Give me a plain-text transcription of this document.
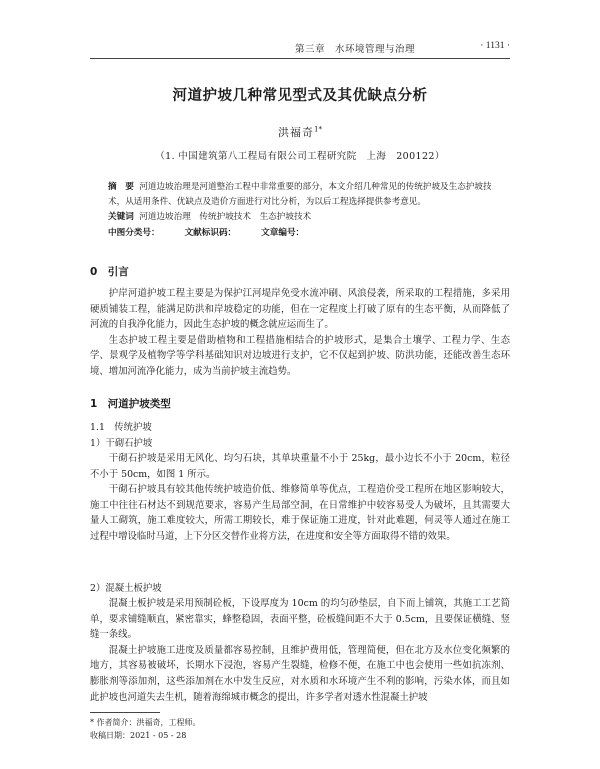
第三章　水环境管理与治理	· 1131 ·
河道护坡几种常见型式及其优缺点分析
洪福奇$^{1*}$
（1. 中国建筑第八工程局有限公司工程研究院　上海　200122）
摘　要 河道边坡治理是河道整治工程中非常重要的部分，本文介绍几种常见的传统护坡及生态护坡技术，从适用条件、优缺点及造价方面进行对比分析，为以后工程选择提供参考意见。
关键词 河道边坡治理　传统护坡技术　生态护坡技术
中图分类号：	文献标识码：	文章编号：
0　引言

护岸河道护坡工程主要是为保护江河堤岸免受水流冲刷、风浪侵袭，所采取的工程措施，多采用硬质铺装工程，能满足防洪和岸坡稳定的功能，但在一定程度上打破了原有的生态平衡，从而降低了河流的自我净化能力，因此生态护坡的概念就应运而生了。

生态护坡工程主要是借助植物和工程措施相结合的护坡形式，是集合土壤学、工程力学、生态学、景观学及植物学等学科基础知识对边坡进行支护，它不仅起到护坡、防洪功能，还能改善生态环境、增加河流净化能力，成为当前护坡主流趋势。

1　河道护坡类型
1.1　传统护坡
1）干砌石护坡

干砌石护坡是采用无风化、均匀石块，其单块重量不小于 25kg，最小边长不小于 20cm，粒径不小于 50cm，如图 1 所示。

干砌石护坡具有较其他传统护坡造价低、维修简单等优点，工程造价受工程所在地区影响较大，施工中往往石材达不到规范要求，容易产生局部空洞，在日常维护中较容易受人为破坏，且其需要大量人工砌筑，施工难度较大，所需工期较长，难于保证施工进度，针对此难题，何灵等人通过在施工过程中增设临时马道，上下分区交替作业将方法，在进度和安全等方面取得不错的效果。

2）混凝土板护坡

混凝土板护坡是采用预制砼板，下设厚度为 10cm 的均匀砂垫层，自下而上铺筑，其施工工艺简单，要求铺缝顺直，紧密靠实，蜂整稳固，表面平整，砼板缝间距不大于 0.5cm，且要保证横缝、竖缝一条线。

混凝土护坡施工进度及质量都容易控制，且维护费用低，管理简便，但在北方及水位变化频繁的地方，其容易被破坏，长期水下浸泡，容易产生裂缝，检修不便，在施工中也会使用一些如抗冻剂、膨胀剂等添加剂，这些添加剂在水中发生反应，对水质和水环境产生不利的影响，污染水体，而且如此护坡也河道失去生机，随着海绵城市概念的提出，许多学者对透水性混凝土护坡

* 作者简介：洪福奇，工程师。
收稿日期：2021 - 05 - 28
